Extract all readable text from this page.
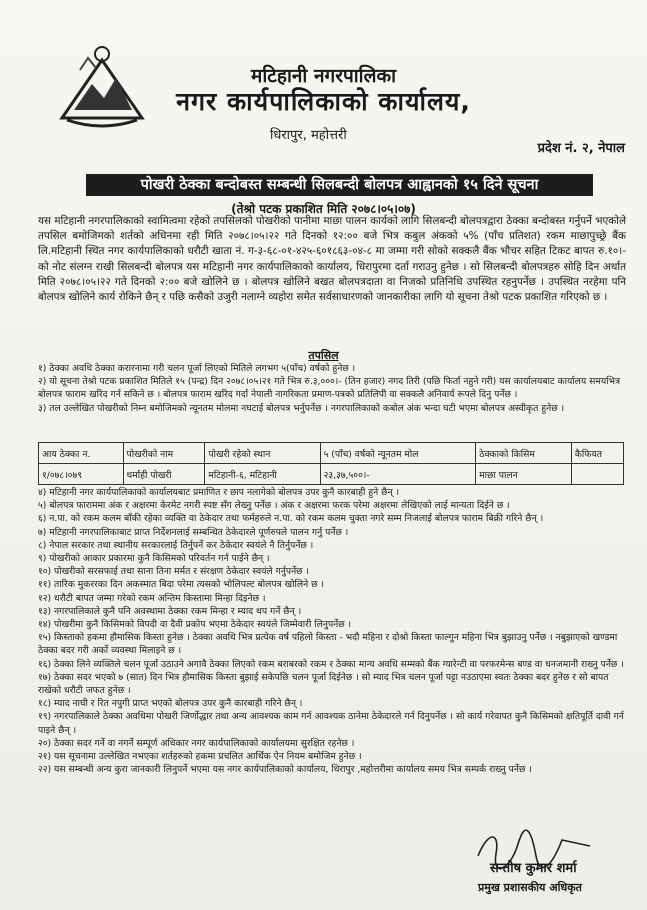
मटिहानी नगरपालिका
नगर कार्यपालिकाको कार्यालय,
धिरापुर, महोत्तरी
प्रदेश नं. २, नेपाल
पोखरी ठेक्का बन्दोबस्त सम्बन्धी सिलबन्दी बोलपत्र आह्वानको १५ दिने सूचना
(तेश्रो पटक प्रकाशित मिति २०७८।०५।०७)
यस मटिहानी नगरपालिकाको स्वामित्वमा रहेको तपसिलको पोखरीको पानीमा माछा पालन कार्यको लागि सिलबन्दी बोलपत्रद्वारा ठेक्का बन्दोबस्त गर्नुपर्ने भएकोले तपसिल बमोजिमको शर्तको अधिनमा रही मिति २०७८।०५।२२ गते दिनको १२:०० बजे भित्र कबुल अंकको ५% (पाँच प्रतिशत) रकम माछापुच्छ्रे बैंक लि.मटिहानी स्थित नगर कार्यपालिकाको धरौटी खाता नं. ग-३-६८-०१-४२५-६०१८६३-०४-८ मा जम्मा गरी सोको सक्कलै बैंक भौचर सहित टिकट बापत रु.१०।- को नोट संलग्न राखी सिलबन्दी बोलपत्र यस मटिहानी नगर कार्यपालिकाको कार्यालय, धिरापुरमा दर्ता गराउनु हुनेछ । सो सिलबन्दी बोलपत्रहरु सोहि दिन अर्थात मिति २०७८।०५।२२ गते दिनको २:०० बजे खोलिने छ । बोलपत्र खोलिने बखत बोलपत्रदाता वा निजको प्रतिनिधि उपस्थित रहनुपर्नेछ । उपस्थित नरहेमा पनि बोलपत्र खोलिने कार्य रोकिने छैन् र पछि कसैको उजुरी नलाग्ने व्यहोरा समेत सर्वसाधारणको जानकारीका लागि यो सूचना तेश्रो पटक प्रकाशित गरिएको छ ।
तपसिल
१) ठेक्का अवधि ठेक्का करारनामा गरी चलन पूर्जा लिएको मितिले लगभग ५(पाँच) वर्षको हुनेछ ।
२) यो सूचना तेश्रो पटक प्रकाशित मितिले १५ (पन्द्र) दिन २०७८।०५।२१ गते भित्र रु.३,०००।- (तिन हजार) नगद तिरी (पछि फिर्ता नहुने गरी) यस कार्यालयबाट कार्यालय समयभित्र बोलपत्र फाराम खरिद गर्न सकिने छ । बोलपत्र फाराम खरिद गर्दा नेपाली नागरिकता प्रमाण-पत्रको प्रतिलिपी वा सक्कलै अनिवार्य रूपले दिनु पर्नेछ ।
३) तल उल्लेखित पोखरीको निम्न बमोजिमको न्यूनतम मोलमा नघटाई बोलपत्र भर्नुपर्नेछ । नगरपालिकाको कबोल अंक भन्दा घटी भएमा बोलपत्र अस्वीकृत हुनेछ ।
आय ठेक्का न.	पोखरीको नाम	पोखरी रहेको स्थान	५ (पाँच) वर्षको न्यूनतम मोल	ठेक्काको किसिम	कैफियत
१/०७८।०७९	धर्माही पोखरी	मटिहानी-६, मटिहानी	२३,३७,५००।-	माछा पालन	
४) मटिहानी नगर कार्यपालिकाको कार्यालयबाट प्रमाणित र छाप नलागेको बोलपत्र उपर कुनै कारबाही हुने छैन् ।
५) बोलपत्र फाराममा अंक र अक्षरमा केरमेट नगरी स्पष्ट सँग लेख्नु पर्नेछ । अंक र अक्षरमा फरक परेमा अक्षरमा लेखिएको लाई मान्यता दिईने छ ।
६) न.पा. को रकम कलम बाँकी रहेका व्यक्ति वा ठेकेदार तथा फर्महरुले न.पा. को रकम कलम चुक्ता नगरे सम्म निजलाई बोलपत्र फाराम बिक्री गरिने छैन् ।
७) मटिहानी नगरपालिकाबाट प्राप्त निर्देशनलाई सम्बन्धित ठेकेदारले पूर्णरुपले पालन गर्नु पर्नेछ ।
८) नेपाल सरकार तथा स्थानीय सरकारलाई तिर्नुपर्ने कर ठेकेदार स्वयंले नै तिर्नुपर्नेछ ।
९) पोखरीको आकार प्रकारमा कुनै किसिमको परिवर्तन गर्न पाईने छैन् ।
१०) पोखरीको सरसफाई तथा साना तिना मर्मत र संरक्षण ठेकेदार स्वयंले गर्नुपर्नेछ ।
११) तारिक मुकररका दिन अकस्मात बिदा परेमा त्यसको भोलिपल्ट बोलपत्र खोलिने छ ।
१२) धरौटी बापत जम्मा गरेको रकम अन्तिम किस्तामा मिन्हा दिइनेछ ।
१३) नगरपालिकाले कुनै पनि अवस्थामा ठेक्का रकम मिन्हा र म्याद थप गर्ने छैन् ।
१४) पोखरीमा कुनै किसिमको विपदी वा दैवी प्रकोप भएमा ठेकेदार स्वयंले जिम्मेवारी लिनुपर्नेछ ।
१५) किस्ताको हकमा हौमासिक किस्ता हुनेछ । ठेक्का अवधि भित्र प्रत्येक वर्ष पहिलो किस्ता - भदौ महिना र दोश्रो किस्ता फाल्गुन महिना भित्र बुझाउनु पर्नेछ । नबुझाएको खण्डमा ठेक्का बदर गरी अर्को व्यवस्था मिलाइने छ ।
१६) ठेक्का लिने व्यक्तिले चलन पूर्जा उठाउने अगावै ठेक्का लिएको रकम बराबरको रकम र ठेक्का मान्य अवधि सम्मको बैंक ग्यारेन्टी वा परफरमेन्स बण्ड वा धनजमानी राख्नु पर्नेछ ।
१७) ठेक्का सदर भएको ७ (सात) दिन भित्र हौमासिक किस्ता बुझाई सकेपछि चलन पूर्जा दिईनेछ । सो म्याद भित्र चलन पूर्जा पट्टा नउठाएमा स्वतः ठेक्का बदर हुनेछ र सो बापत राखेको धरौटी जफत हुनेछ ।
१८) म्याद नाघी र रित नपुगी प्राप्त भएको बोलपत्र उपर कुनै कारबाही गरिने छैन् ।
१९) नगरपालिकाले ठेक्का अवधिमा पोखरी जिर्णोद्धार तथा अन्य आवश्यक काम गर्न आवश्यक ठानेमा ठेकेदारले गर्न दिनुपर्नेछ । सो कार्य गरेवापत कुनै किसिमको क्षतिपूर्ति दावी गर्न पाइने छैन् ।
२०) ठेक्का सदर गर्ने वा नगर्ने सम्पूर्ण अधिकार नगर कार्यपालिकाको कार्यालयमा सुरक्षित रहनेछ ।
२१) यस सूचनामा उल्लेखित नभएका शर्तहरुको हकमा प्रचलित आर्थिक ऐन नियम बमोजिम हुनेछ ।
२२) यस सम्बन्धी अन्य कुरा जानकारी लिनुपर्ने भएमा यस नगर कार्यपालिकाको कार्यालय, धिरापुर ,महोत्तरीमा कार्यालय समय भित्र सम्पर्क राख्नु पर्नेछ ।
सन्तोष कुमार शर्मा
प्रमुख प्रशासकीय अधिकृत
